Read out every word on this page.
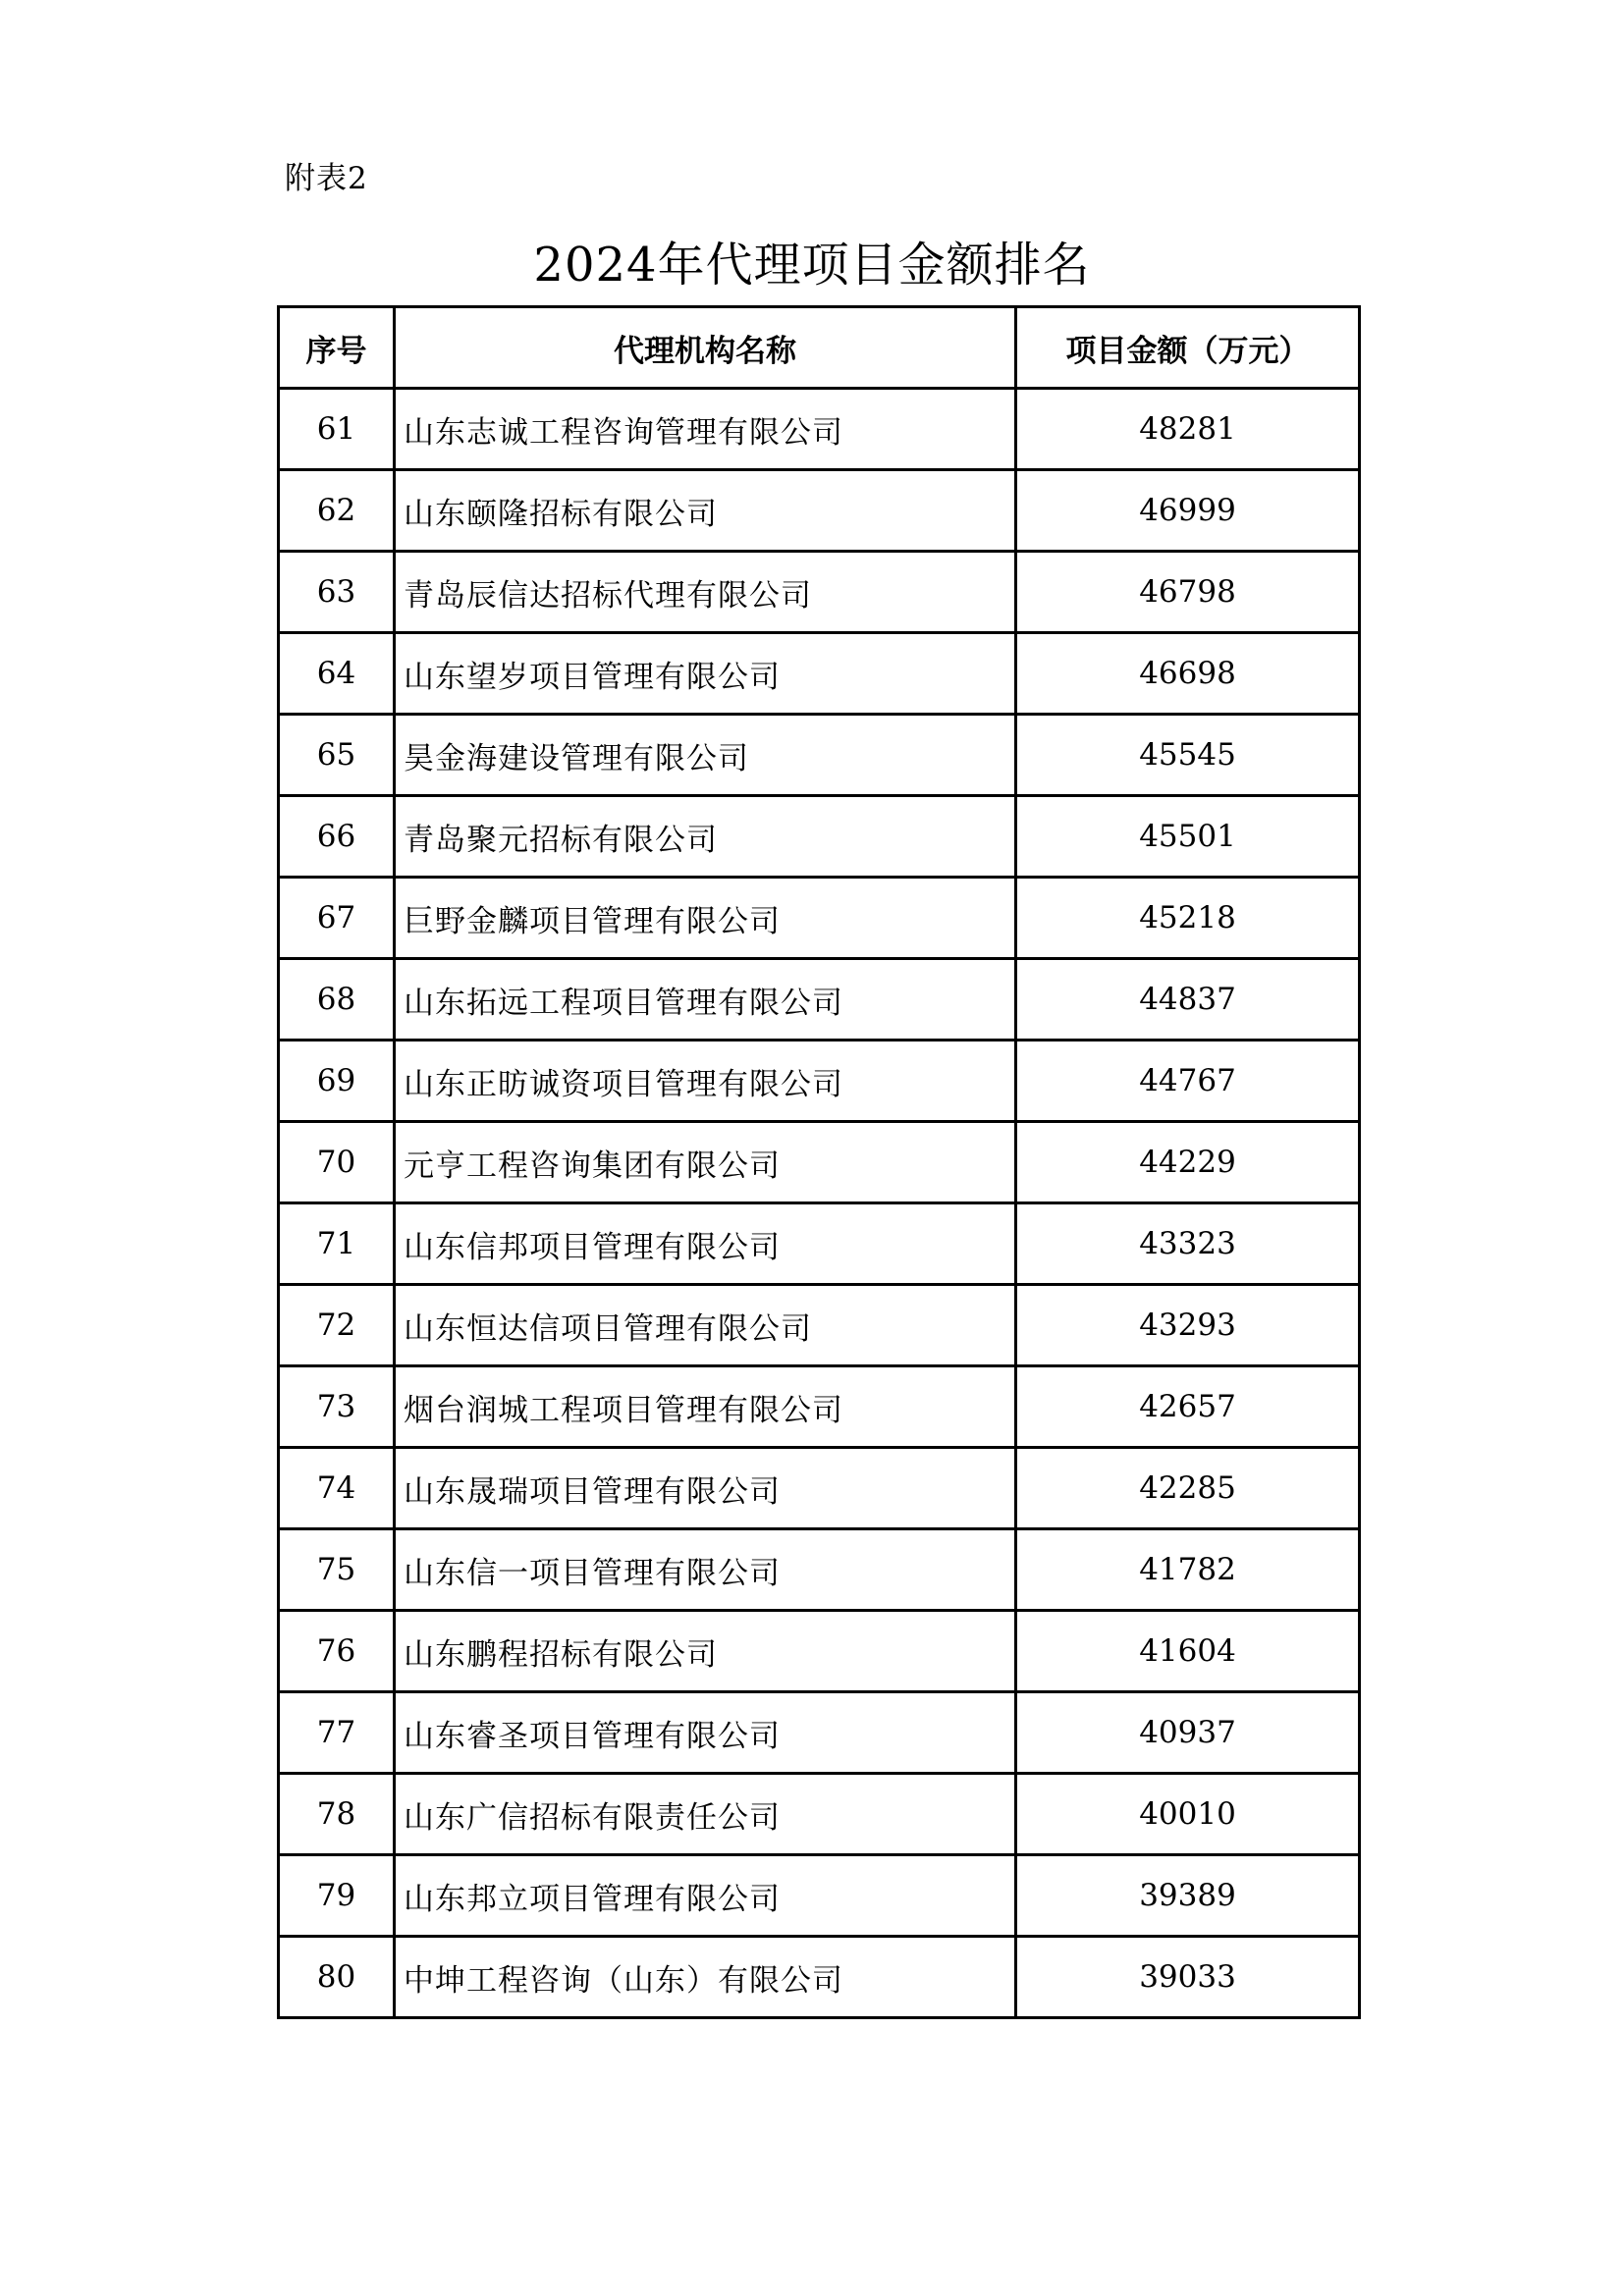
附表2
2024年代理项目金额排名
序号	代理机构名称	项目金额（万元）
61	山东志诚工程咨询管理有限公司	48281
62	山东颐隆招标有限公司	46999
63	青岛辰信达招标代理有限公司	46798
64	山东望岁项目管理有限公司	46698
65	昊金海建设管理有限公司	45545
66	青岛聚元招标有限公司	45501
67	巨野金麟项目管理有限公司	45218
68	山东拓远工程项目管理有限公司	44837
69	山东正昉诚资项目管理有限公司	44767
70	元亨工程咨询集团有限公司	44229
71	山东信邦项目管理有限公司	43323
72	山东恒达信项目管理有限公司	43293
73	烟台润城工程项目管理有限公司	42657
74	山东晟瑞项目管理有限公司	42285
75	山东信一项目管理有限公司	41782
76	山东鹏程招标有限公司	41604
77	山东睿圣项目管理有限公司	40937
78	山东广信招标有限责任公司	40010
79	山东邦立项目管理有限公司	39389
80	中坤工程咨询（山东）有限公司	39033
